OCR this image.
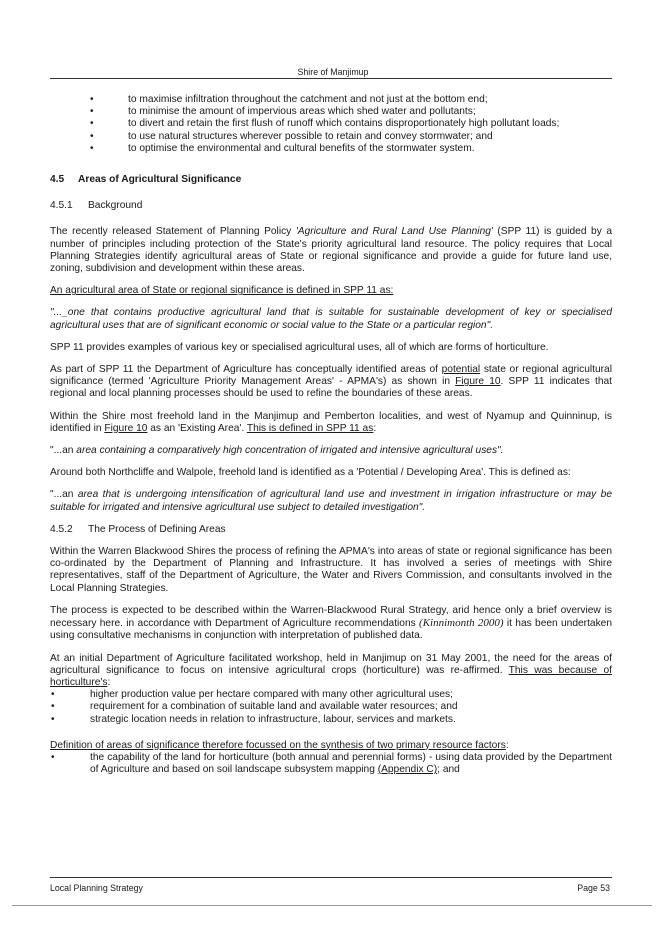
Shire of Manjimup
• to maximise infiltration throughout the catchment and not just at the bottom end;
• to minimise the amount of impervious areas which shed water and pollutants;
• to divert and retain the first flush of runoff which contains disproportionately high pollutant loads;
• to use natural structures wherever possible to retain and convey stormwater; and
• to optimise the environmental and cultural benefits of the stormwater system.
4.5 Areas of Agricultural Significance
4.5.1 Background

The recently released Statement of Planning Policy 'Agriculture and Rural Land Use Planning' (SPP 11) is guided by a number of principles including protection of the State's priority agricultural land resource. The policy requires that Local Planning Strategies identify agricultural areas of State or regional significance and provide a guide for future land use, zoning, subdivision and development within these areas.

An agricultural area of State or regional significance is defined in SPP 11 as:

"..._one that contains productive agricultural land that is suitable for sustainable development of key or specialised agricultural uses that are of significant economic or social value to the State or a particular region".

SPP 11 provides examples of various key or specialised agricultural uses, all of which are forms of horticulture.

As part of SPP 11 the Department of Agriculture has conceptually identified areas of potential state or regional agricultural significance (termed 'Agriculture Priority Management Areas' - APMA's) as shown in Figure 10. SPP 11 indicates that regional and local planning processes should be used to refine the boundaries of these areas.

Within the Shire most freehold land in the Manjimup and Pemberton localities, and west of Nyamup and Quinninup, is identified in Figure 10 as an 'Existing Area'. This is defined in SPP 11 as:

"...an area containing a comparatively high concentration of irrigated and intensive agricultural uses".

Around both Northcliffe and Walpole, freehold land is identified as a 'Potential / Developing Area'. This is defined as:

"...an area that is undergoing intensification of agricultural land use and investment in irrigation infrastructure or may be suitable for irrigated and intensive agricultural use subject to detailed investigation".

4.5.2 The Process of Defining Areas

Within the Warren Blackwood Shires the process of refining the APMA's into areas of state or regional significance has been co-ordinated by the Department of Planning and Infrastructure. It has involved a series of meetings with Shire representatives, staff of the Department of Agriculture, the Water and Rivers Commission, and consultants involved in the Local Planning Strategies.

The process is expected to be described within the Warren-Blackwood Rural Strategy, arid hence only a brief overview is necessary here. in accordance with Department of Agriculture recommendations (Kinnimonth 2000) it has been undertaken using consultative mechanisms in conjunction with interpretation of published data.

At an initial Department of Agriculture facilitated workshop, held in Manjimup on 31 May 2001, the need for the areas of agricultural significance to focus on intensive agricultural crops (horticulture) was re-affirmed. This was because of horticulture's:

• higher production value per hectare compared with many other agricultural uses;
• requirement for a combination of suitable land and available water resources; and
• strategic location needs in relation to infrastructure, labour, services and markets.

Definition of areas of significance therefore focussed on the synthesis of two primary resource factors:

• the capability of the land for horticulture (both annual and perennial forms) - using data provided by the Department of Agriculture and based on soil landscape subsystem mapping (Appendix C); and
Local Planning Strategy	Page 53
